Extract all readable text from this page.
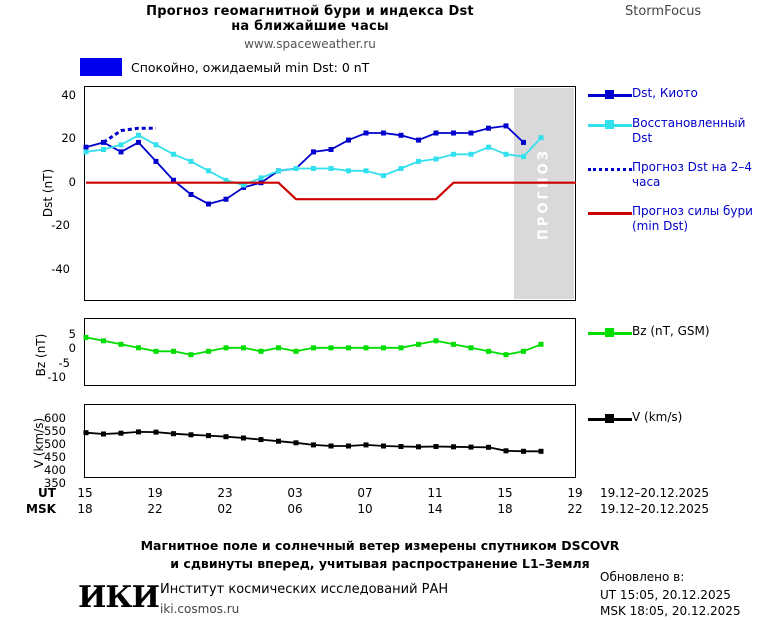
Прогноз геомагнитной бури и индекса Dst
на ближайшие часы
www.spaceweather.ru
StormFocus
Спокойно, ожидаемый min Dst: 0 nT
Dst (nT)
40
20
0
-20
-40
ПРОГНОЗ
Bz (nT)	5
0
-5
-10
V (km/s)
600
550
500
450
400
350
UT
MSK
15
18
19
22
23
02
03
06
07
10
11
14
15
18
19
22
19.12–20.12.2025
19.12–20.12.2025
Dst, Киото
Восстановленный Dst
Прогноз Dst на 2–4 часа
Прогноз силы бури (min Dst)
Bz (nT, GSM)
V (km/s)
Магнитное поле и солнечный ветер измерены спутником DSCOVR
и сдвинуты вперед, учитывая распространение L1–Земля
ИКИ Институт космических исследований РАН
iki.cosmos.ru
Обновлено в:
UT 15:05, 20.12.2025
MSK 18:05, 20.12.2025
